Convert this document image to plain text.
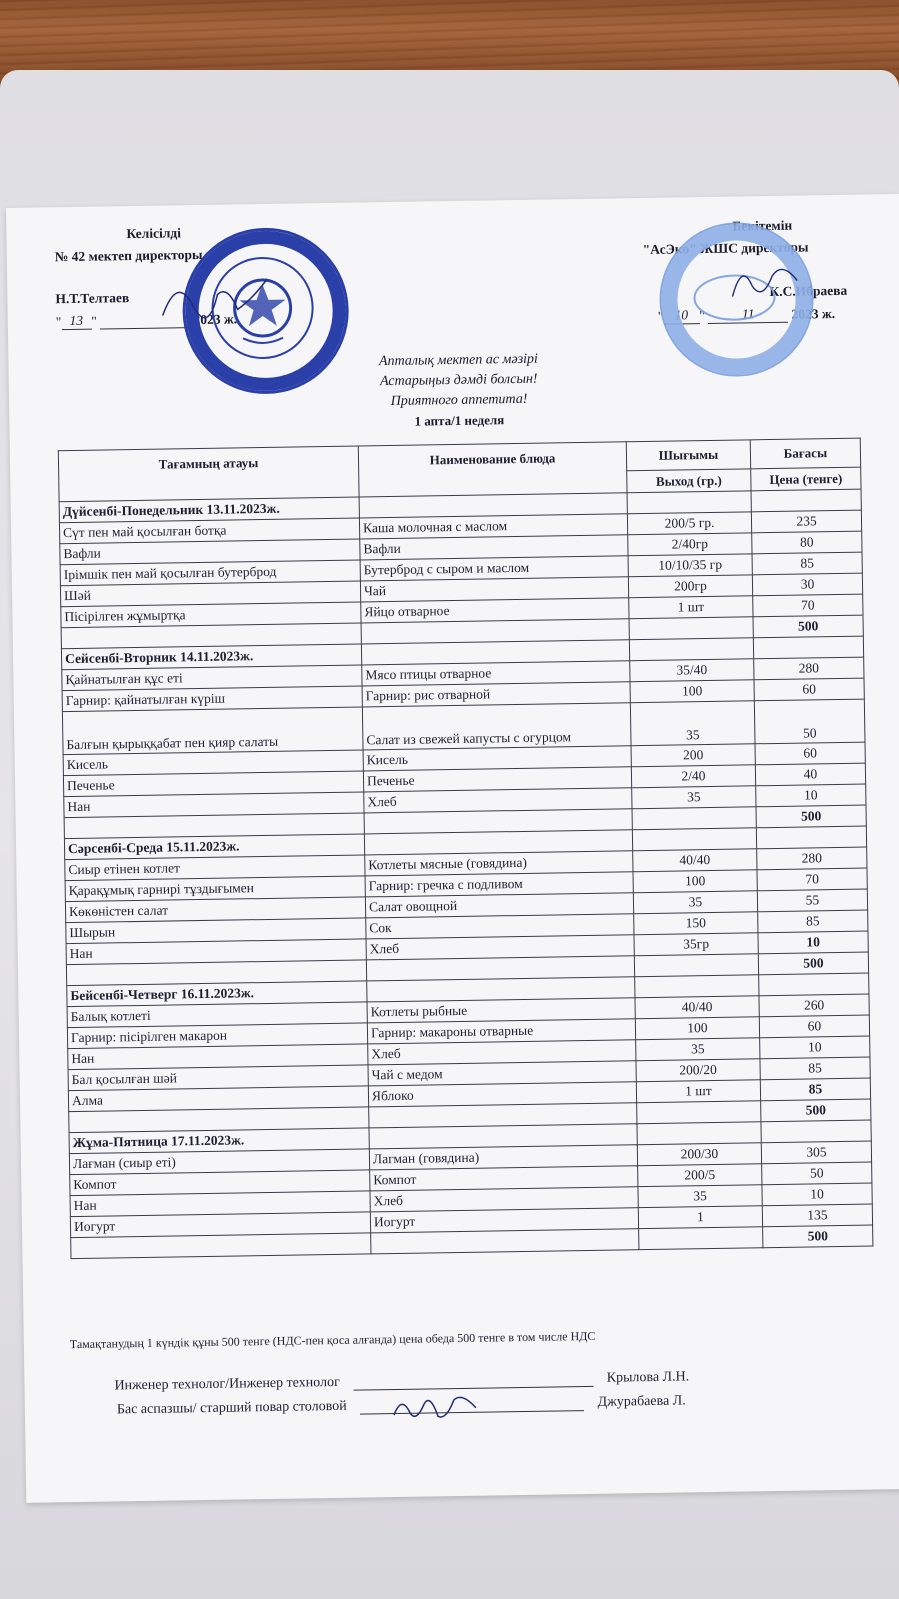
Келісілді
№ 42 мектеп директоры
Н.Т.Телтаев
" 13 "	2023 ж.
Бекітемін
"АсЭко" ЖШС директоры
К.С.Ибраева
" 10 "	11	2023 ж.
Апталық мектеп ас мәзірі
Астарыңыз дәмді болсын!
Приятного аппетита!
1 апта/1 неделя
Тағамның атауы	Наименование блюда	Шығымы	Бағасы
		Выход (гр.)	Цена (тенге)
Дүйсенбі-Понедельник 13.11.2023ж.			
Сүт пен май қосылған ботқа	Каша молочная с маслом	200/5 гр.	235
Вафли	Вафли	2/40гр	80
Ірімшік пен май қосылған бутерброд	Бутерброд с сыром и маслом	10/10/35 гр	85
Шәй	Чай	200гр	30
Пісірілген жұмыртқа	Яйцо отварное	1 шт	70
			500
Сейсенбі-Вторник 14.11.2023ж.			
Қайнатылған құс еті	Мясо птицы отварное	35/40	280
Гарнир: қайнатылған күріш	Гарнир: рис отварной	100	60
Балғын қырыққабат пен қияр салаты	Салат из свежей капусты с огурцом	35	50
Кисель	Кисель	200	60
Печенье	Печенье	2/40	40
Нан	Хлеб	35	10
			500
Сәрсенбі-Среда 15.11.2023ж.			
Сиыр етінен котлет	Котлеты мясные (говядина)	40/40	280
Қарақұмық гарнирі тұздығымен	Гарнир: гречка с подливом	100	70
Көкөністен салат	Салат овощной	35	55
Шырын	Сок	150	85
Нан	Хлеб	35гр	10
			500
Бейсенбі-Четверг 16.11.2023ж.			
Балық котлеті	Котлеты рыбные	40/40	260
Гарнир: пісірілген макарон	Гарнир: макароны отварные	100	60
Нан	Хлеб	35	10
Бал қосылған шәй	Чай с медом	200/20	85
Алма	Яблоко	1 шт	85
			500
Жұма-Пятница 17.11.2023ж.			
Лағман (сиыр еті)	Лагман (говядина)	200/30	305
Компот	Компот	200/5	50
Нан	Хлеб	35	10
Иогурт	Иогурт	1	135
			500
Тамақтанудың 1 күндік құны 500 тенге (НДС-пен қоса алғанда) цена обеда 500 тенге в том числе НДС
Инженер технолог/Инженер технолог	Крылова Л.Н.
Бас аспазшы/ старший повар столовой	Джурабаева Л.
